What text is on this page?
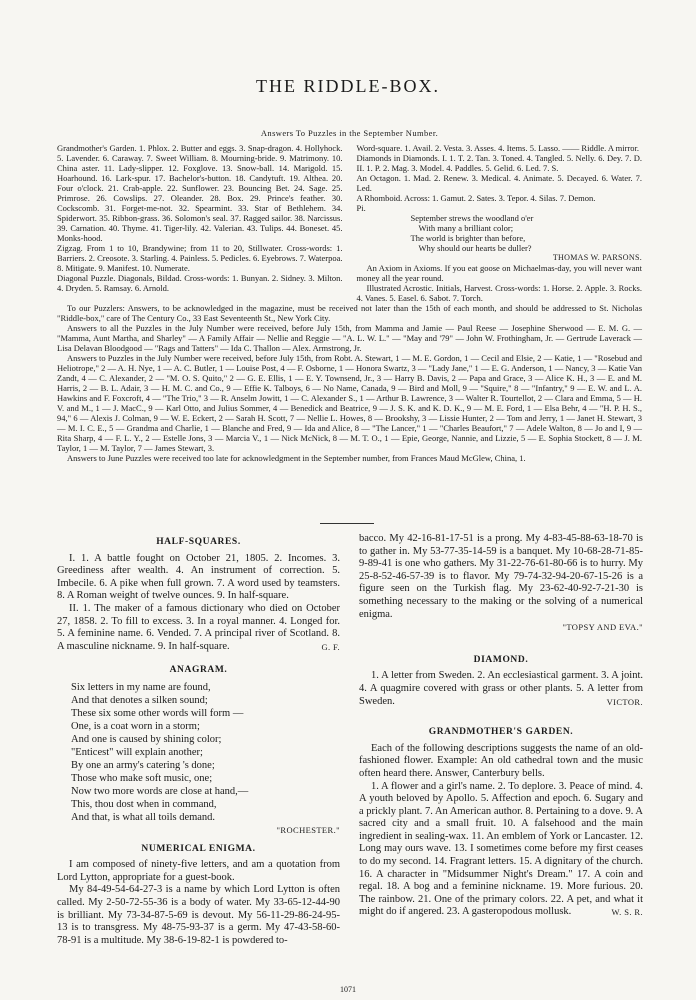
THE RIDDLE-BOX.
Answers To Puzzles in the September Number.

Grandmother's Garden. 1. Phlox. 2. Butter and eggs. 3. Snap-dragon. 4. Hollyhock. 5. Lavender. 6. Caraway. 7. Sweet William. 8. Mourning-bride. 9. Matrimony. 10. China aster. 11. Lady-slipper. 12. Foxglove. 13. Snow-ball. 14. Marigold. 15. Hoarhound. 16. Lark-spur. 17. Bachelor's-button. 18. Candytuft. 19. Althea. 20. Four o'clock. 21. Crab-apple. 22. Sunflower. 23. Bouncing Bet. 24. Sage. 25. Primrose. 26. Cowslips. 27. Oleander. 28. Box. 29. Prince's feather. 30. Cockscomb. 31. Forget-me-not. 32. Spearmint. 33. Star of Bethlehem. 34. Spiderwort. 35. Ribbon-grass. 36. Solomon's seal. 37. Ragged sailor. 38. Narcissus. 39. Carnation. 40. Thyme. 41. Tiger-lily. 42. Valerian. 43. Tulips. 44. Boneset. 45. Monks-hood.

Zigzag. From 1 to 10, Brandywine; from 11 to 20, Stillwater. Cross-words: 1. Barriers. 2. Creosote. 3. Starling. 4. Painless. 5. Pedicles. 6. Eyebrows. 7. Waterpoa. 8. Mitigate. 9. Manifest. 10. Numerate.

Diagonal Puzzle. Diagonals, Bildad. Cross-words: 1. Bunyan. 2. Sidney. 3. Milton. 4. Dryden. 5. Ramsay. 6. Arnold.

Word-square. 1. Avail. 2. Vesta. 3. Asses. 4. Items. 5. Lasso. —— Riddle. A mirror.

Diamonds in Diamonds. I. 1. T. 2. Tan. 3. Toned. 4. Tangled. 5. Nelly. 6. Dey. 7. D. II. 1. P. 2. Mag. 3. Model. 4. Paddles. 5. Gelid. 6. Led. 7. S.

An Octagon. 1. Mad. 2. Renew. 3. Medical. 4. Animate. 5. Decayed. 6. Water. 7. Led.

A Rhomboid. Across: 1. Gamut. 2. Sates. 3. Tepor. 4. Silas. 7. Demon.

Pi.

September strews the woodland o'er
With many a brilliant color;
The world is brighter than before,
Why should our hearts be duller?
THOMAS W. PARSONS.

An Axiom in Axioms. If you eat goose on Michaelmas-day, you will never want money all the year round.

Illustrated Acrostic. Initials, Harvest. Cross-words: 1. Horse. 2. Apple. 3. Rocks. 4. Vanes. 5. Easel. 6. Sabot. 7. Torch.

To our Puzzlers: Answers, to be acknowledged in the magazine, must be received not later than the 15th of each month, and should be addressed to St. Nicholas "Riddle-box," care of The Century Co., 33 East Seventeenth St., New York City.

Answers to all the Puzzles in the July Number were received, before July 15th, from Mamma and Jamie — Paul Reese — Josephine Sherwood — E. M. G. — "Mamma, Aunt Martha, and Sharley" — A Family Affair — Nellie and Reggie — "A. L. W. L." — "May and '79" — John W. Frothingham, Jr. — Gertrude Laverack — Lisa Delavan Bloodgood — "Rags and Tatters" — Ida C. Thallon — Alex. Armstrong, Jr.

Answers to Puzzles in the July Number were received, before July 15th, from Robt. A. Stewart, 1 — M. E. Gordon, 1 — Cecil and Elsie, 2 — Katie, 1 — "Rosebud and Heliotrope," 2 — A. H. Nye, 1 — A. C. Butler, 1 — Louise Post, 4 — F. Osborne, 1 — Honora Swartz, 3 — "Lady Jane," 1 — E. G. Anderson, 1 — Nancy, 3 — Katie Van Zandt, 4 — C. Alexander, 2 — "M. O. S. Quito," 2 — G. E. Ellis, 1 — E. Y. Townsend, Jr., 3 — Harry B. Davis, 2 — Papa and Grace, 3 — Alice K. H., 3 — E. and M. Harris, 2 — B. L. Adair, 3 — H. M. C. and Co., 9 — Effie K. Talboys, 6 — No Name, Canada, 9 — Bird and Moll, 9 — "Squire," 8 — "Infantry," 9 — E. W. and L. A. Hawkins and F. Foxcroft, 4 — "The Trio," 3 — R. Anselm Jowitt, 1 — C. Alexander S., 1 — Arthur B. Lawrence, 3 — Walter R. Tourtellot, 2 — Clara and Emma, 5 — H. V. and M., 1 — J. MacC., 9 — Karl Otto, and Julius Sommer, 4 — Benedick and Beatrice, 9 — J. S. K. and K. D. K., 9 — M. E. Ford, 1 — Elsa Behr, 4 — "H. P. H. S., 94," 6 — Alexis J. Colman, 9 — W. E. Eckert, 2 — Sarah H. Scott, 7 — Nellie L. Howes, 8 — Brookshy, 3 — Lissie Hunter, 2 — Tom and Jerry, 1 — Janet H. Stewart, 3 — M. I. C. E., 5 — Grandma and Charlie, 1 — Blanche and Fred, 9 — Ida and Alice, 8 — "The Lancer," 1 — "Charles Beaufort," 7 — Adele Walton, 8 — Jo and I, 9 — Rita Sharp, 4 — F. L. Y., 2 — Estelle Jons, 3 — Marcia V., 1 — Nick McNick, 8 — M. T. O., 1 — Epie, George, Nannie, and Lizzie, 5 — E. Sophia Stockett, 8 — J. M. Taylor, 1 — M. Taylor, 7 — James Stewart, 3.

Answers to June Puzzles were received too late for acknowledgment in the September number, from Frances Maud McGlew, China, 1.

HALF-SQUARES.

I. 1. A battle fought on October 21, 1805. 2. Incomes. 3. Greediness after wealth. 4. An instrument of correction. 5. Imbecile. 6. A pike when full grown. 7. A word used by teamsters. 8. A Roman weight of twelve ounces. 9. In half-square.

II. 1. The maker of a famous dictionary who died on October 27, 1858. 2. To fill to excess. 3. In a royal manner. 4. Longed for. 5. A feminine name. 6. Vended. 7. A principal river of Scotland. 8. A masculine nickname. 9. In half-square.	G. F.

ANAGRAM.
Six letters in my name are found,
And that denotes a silken sound;
These six some other words will form —
One, is a coat worn in a storm;
And one is caused by shining color;
"Enticest" will explain another;
By one an army's catering 's done;
Those who make soft music, one;
Now two more words are close at hand,—
This, thou dost when in command,
And that, is what all toils demand.
"ROCHESTER."
NUMERICAL ENIGMA.

I am composed of ninety-five letters, and am a quotation from Lord Lytton, appropriate for a guest-book.

My 84-49-54-64-27-3 is a name by which Lord Lytton is often called. My 2-50-72-55-36 is a body of water. My 33-65-12-44-90 is brilliant. My 73-34-87-5-69 is devout. My 56-11-29-86-24-95-13 is to transgress. My 48-75-93-37 is a germ. My 47-43-58-60-78-91 is a multitude. My 38-6-19-82-1 is powdered to-

bacco. My 42-16-81-17-51 is a prong. My 4-83-45-88-63-18-70 is to gather in. My 53-77-35-14-59 is a banquet. My 10-68-28-71-85-9-89-41 is one who gathers. My 31-22-76-61-80-66 is to hurry. My 25-8-52-46-57-39 is to flavor. My 79-74-32-94-20-67-15-26 is a figure seen on the Turkish flag. My 23-62-40-92-7-21-30 is something necessary to the making or the solving of a numerical enigma.

"TOPSY AND EVA."
DIAMOND.

1. A letter from Sweden. 2. An ecclesiastical garment. 3. A joint. 4. A quagmire covered with grass or other plants. 5. A letter from Sweden.	VICTOR.

GRANDMOTHER'S GARDEN.

Each of the following descriptions suggests the name of an old-fashioned flower. Example: An old cathedral town and the music often heard there. Answer, Canterbury bells.

1. A flower and a girl's name. 2. To deplore. 3. Peace of mind. 4. A youth beloved by Apollo. 5. Affection and epoch. 6. Sugary and a prickly plant. 7. An American author. 8. Pertaining to a dove. 9. A sacred city and a small fruit. 10. A falsehood and the main ingredient in sealing-wax. 11. An emblem of York or Lancaster. 12. Long may ours wave. 13. I sometimes come before my first ceases to do my second. 14. Fragrant letters. 15. A dignitary of the church. 16. A character in "Midsummer Night's Dream." 17. A coin and regal. 18. A bog and a feminine nickname. 19. More furious. 20. The rainbow. 21. One of the primary colors. 22. A pet, and what it might do if angered. 23. A gasteropodous mollusk.	W. S. R.

1071
